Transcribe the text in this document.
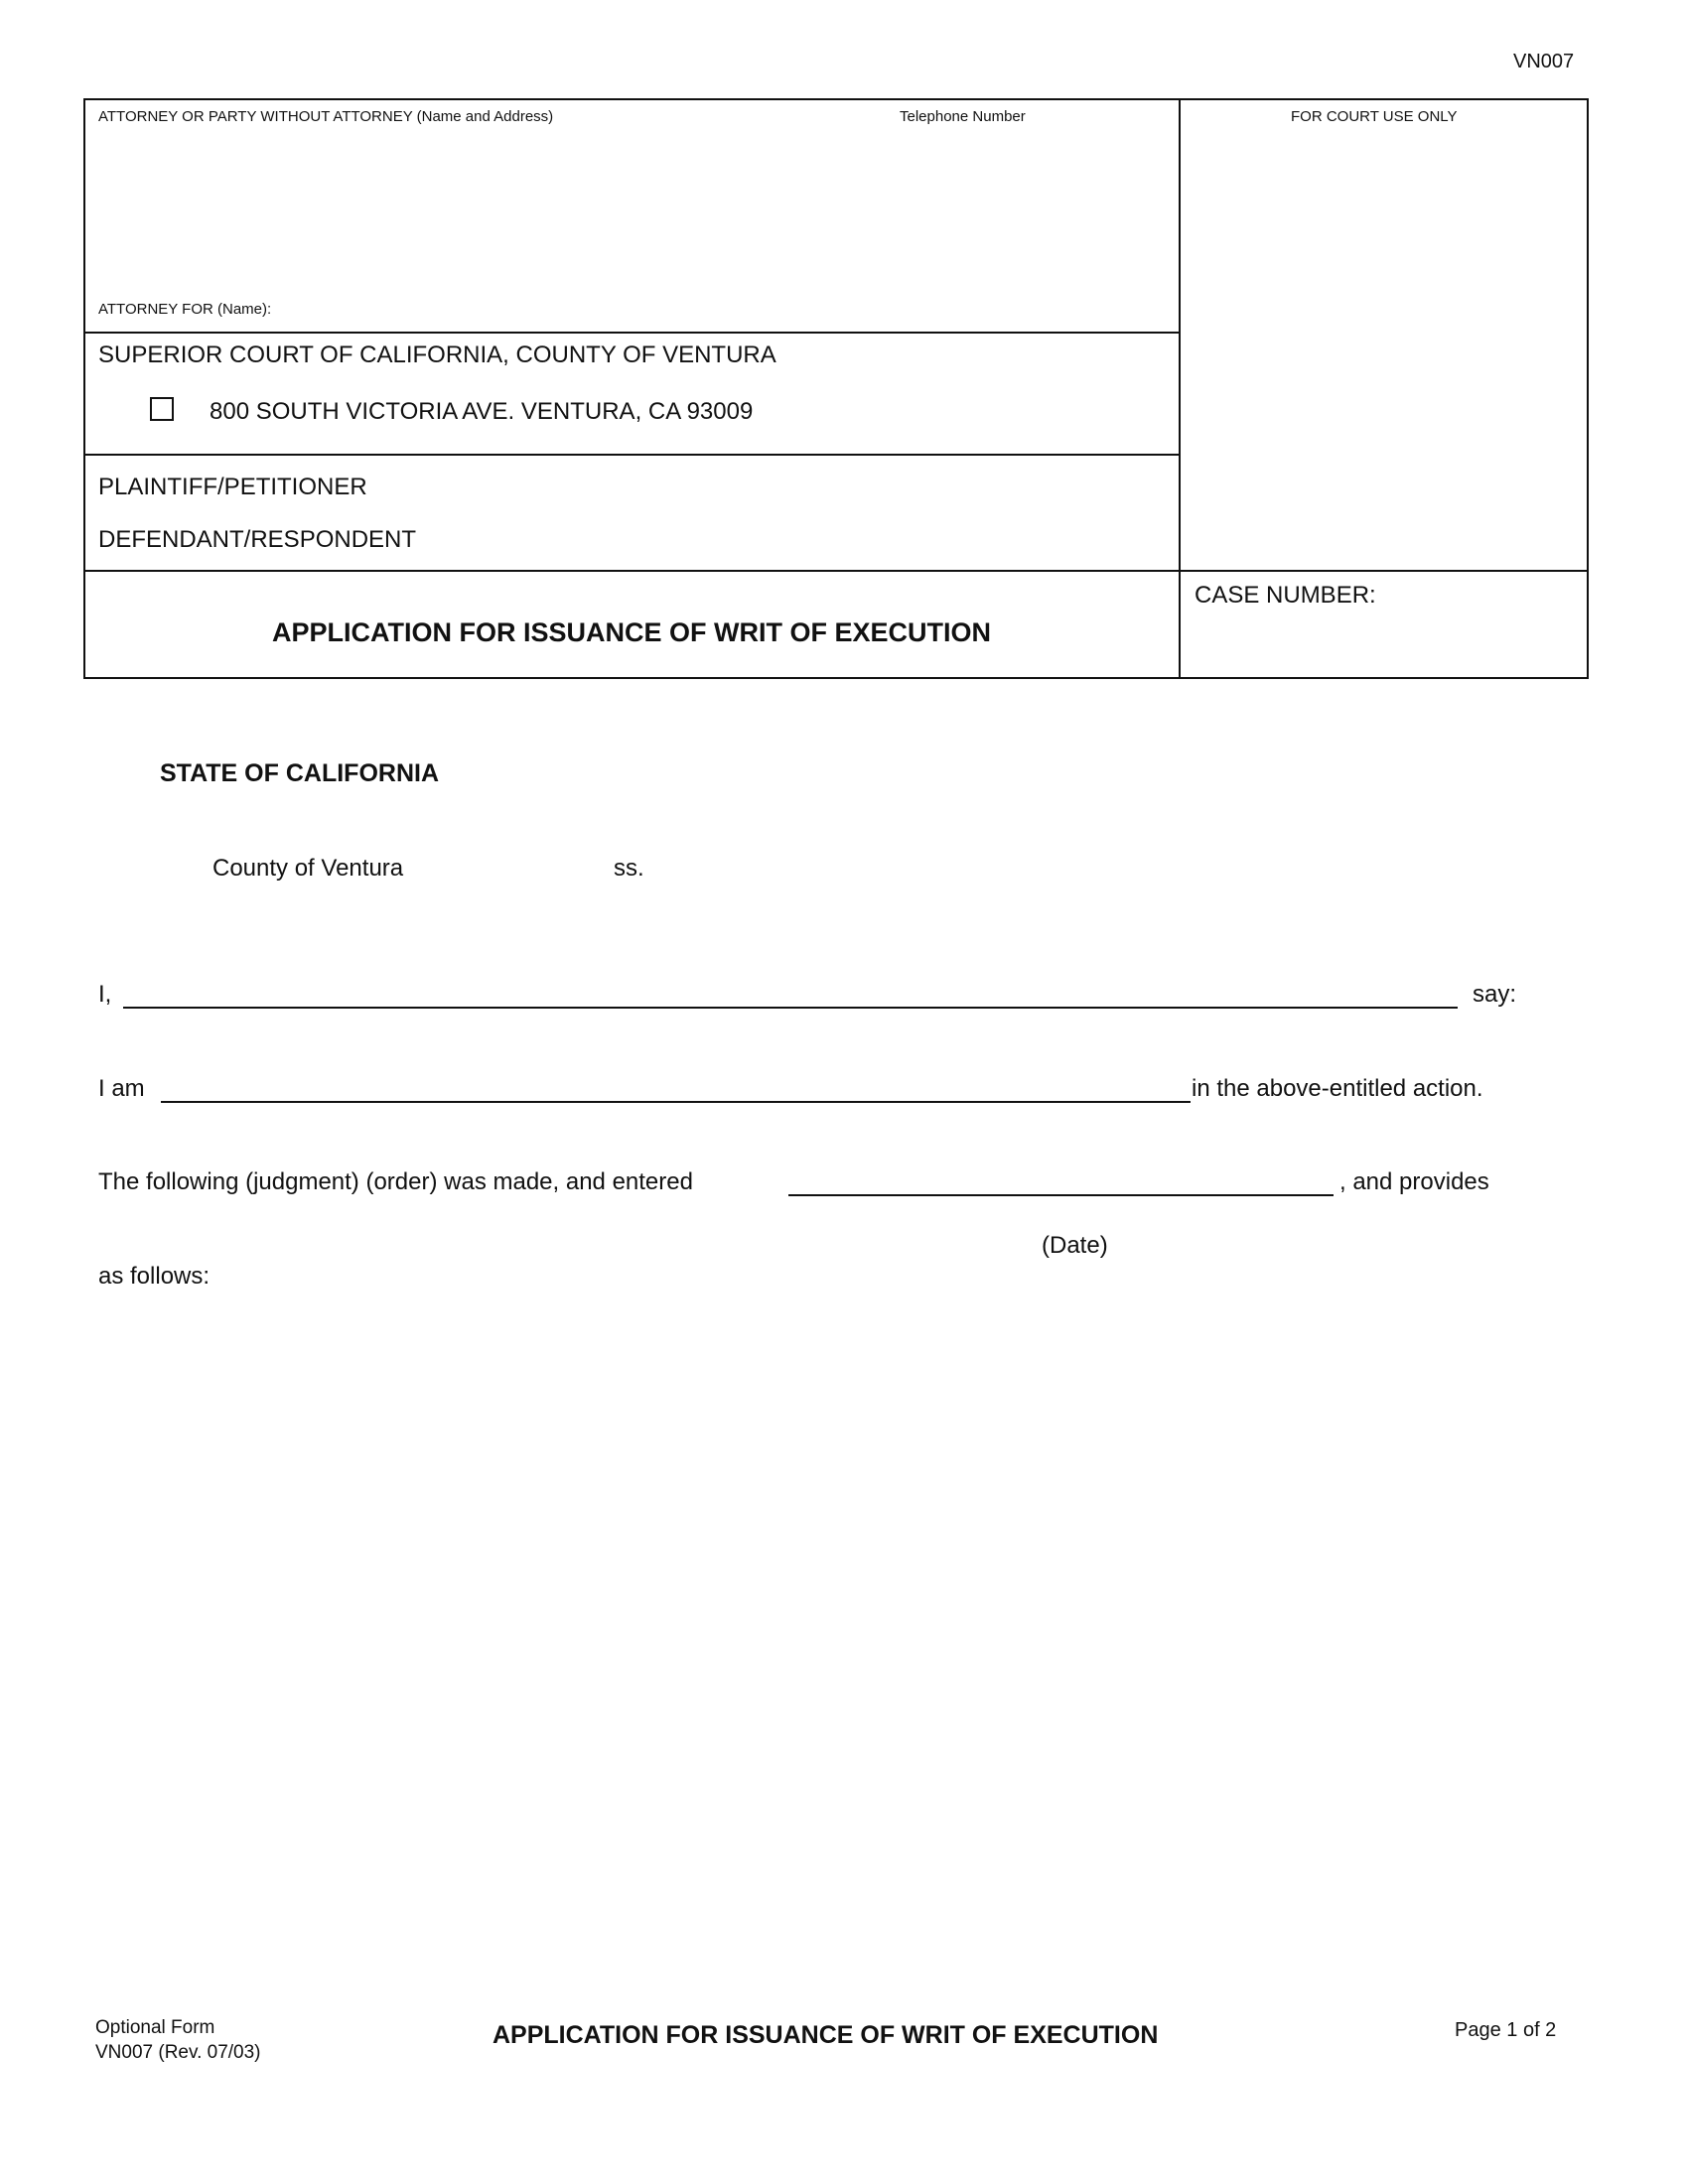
VN007
ATTORNEY OR PARTY WITHOUT ATTORNEY (Name and Address)	Telephone Number	FOR COURT USE ONLY
ATTORNEY FOR (Name):
SUPERIOR COURT OF CALIFORNIA, COUNTY OF VENTURA
800 SOUTH VICTORIA AVE. VENTURA, CA 93009
PLAINTIFF/PETITIONER
DEFENDANT/RESPONDENT
APPLICATION FOR ISSUANCE OF WRIT OF EXECUTION
CASE NUMBER:
STATE OF CALIFORNIA
County of Ventura	ss.
I,	say:
I am	in the above-entitled action.
The following (judgment) (order) was made, and entered	, and provides
(Date)
as follows:
Optional Form
VN007 (Rev. 07/03)
APPLICATION FOR ISSUANCE OF WRIT OF EXECUTION	Page 1 of 2
